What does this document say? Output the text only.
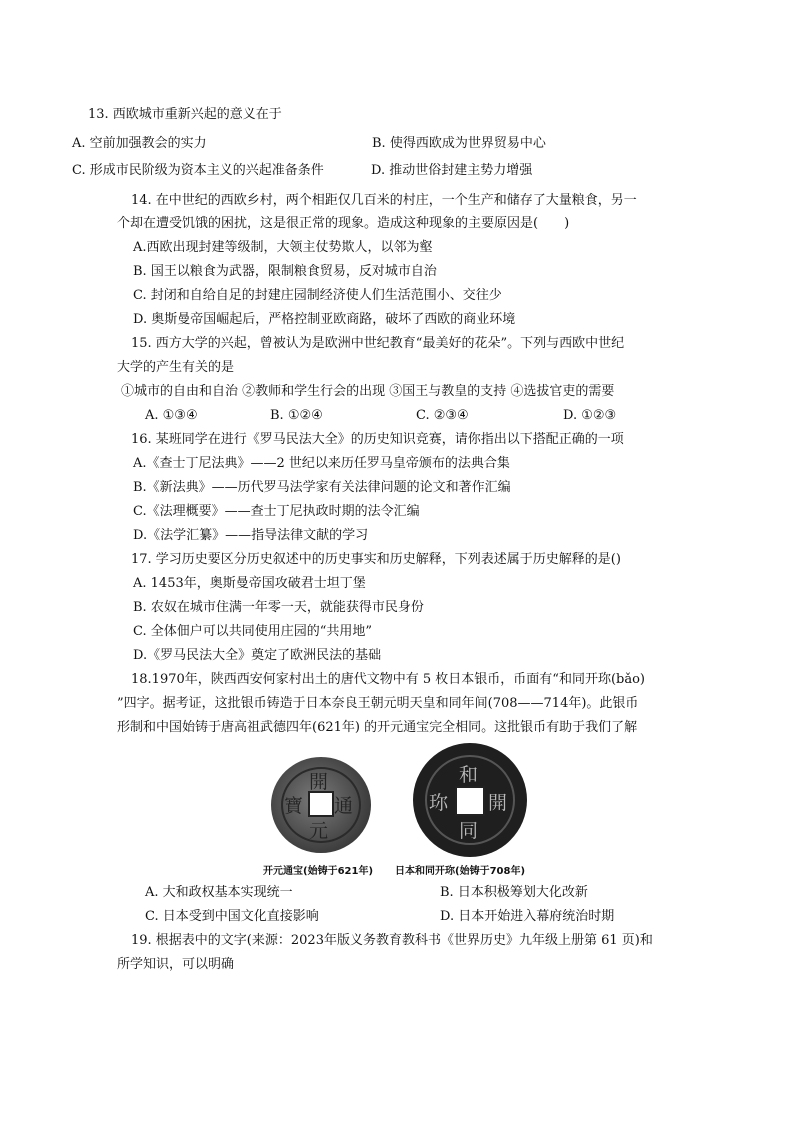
13. 西欧城市重新兴起的意义在于
A. 空前加强教会的实力	B. 使得西欧成为世界贸易中心
C. 形成市民阶级为资本主义的兴起准备条件	D. 推动世俗封建主势力增强
14. 在中世纪的西欧乡村，两个相距仅几百米的村庄，一个生产和储存了大量粮食，另一
个却在遭受饥饿的困扰，这是很正常的现象。造成这种现象的主要原因是(　　)
A.西欧出现封建等级制，大领主仗势欺人，以邻为壑
B. 国王以粮食为武器，限制粮食贸易，反对城市自治
C. 封闭和自给自足的封建庄园制经济使人们生活范围小、交往少
D. 奥斯曼帝国崛起后，严格控制亚欧商路，破坏了西欧的商业环境
15. 西方大学的兴起，曾被认为是欧洲中世纪教育“最美好的花朵”。下列与西欧中世纪
大学的产生有关的是
①城市的自由和自治 ②教师和学生行会的出现 ③国王与教皇的支持 ④选拔官吏的需要
A. ①③④	B. ①②④	C. ②③④	D. ①②③
16. 某班同学在进行《罗马民法大全》的历史知识竞赛，请你指出以下搭配正确的一项
A.《查士丁尼法典》——2 世纪以来历任罗马皇帝颁布的法典合集
B.《新法典》——历代罗马法学家有关法律问题的论文和著作汇编
C.《法理概要》——查士丁尼执政时期的法令汇编
D.《法学汇纂》——指导法律文献的学习
17. 学习历史要区分历史叙述中的历史事实和历史解释，下列表述属于历史解释的是()
A. 1453年，奥斯曼帝国攻破君士坦丁堡
B. 农奴在城市住满一年零一天，就能获得市民身份
C. 全体佃户可以共同使用庄园的“共用地”
D.《罗马民法大全》奠定了欧洲民法的基础
18.1970年，陕西西安何家村出土的唐代文物中有 5 枚日本银币，币面有“和同开珎(bǎo)
”四字。据考证，这批银币铸造于日本奈良王朝元明天皇和同年间(708——714年)。此银币
形制和中国始铸于唐高祖武德四年(621年) 的开元通宝完全相同。这批银币有助于我们了解
開
通
元
寶
和
開
同
珎
开元通宝(始铸于621年) 日本和同开珎(始铸于708年)
A. 大和政权基本实现统一	B. 日本积极筹划大化改新
C. 日本受到中国文化直接影响	D. 日本开始进入幕府统治时期
19. 根据表中的文字(来源：2023年版义务教育教科书《世界历史》九年级上册第 61 页)和
所学知识，可以明确
